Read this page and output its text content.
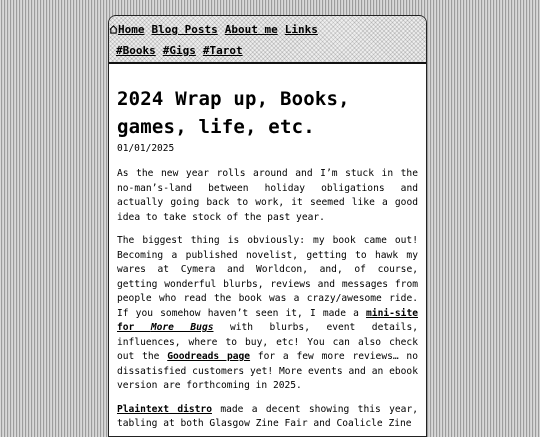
Home Blog Posts About me Links
#Books #Gigs #Tarot
2024 Wrap up, Books, games, life, etc.
01/01/2025

As the new year rolls around and I’m stuck in the no-man’s-land between holiday obligations and actually going back to work, it seemed like a good idea to take stock of the past year.

The biggest thing is obviously: my book came out! Becoming a published novelist, getting to hawk my wares at Cymera and Worldcon, and, of course, getting wonderful blurbs, reviews and messages from people who read the book was a crazy/awesome ride. If you somehow haven’t seen it, I made a mini-site for More Bugs with blurbs, event details, influences, where to buy, etc! You can also check out the Goodreads page for a few more reviews… no dissatisfied customers yet! More events and an ebook version are forthcoming in 2025.

Plaintext distro made a decent showing this year, tabling at both Glasgow Zine Fair and Coalicle Zine
